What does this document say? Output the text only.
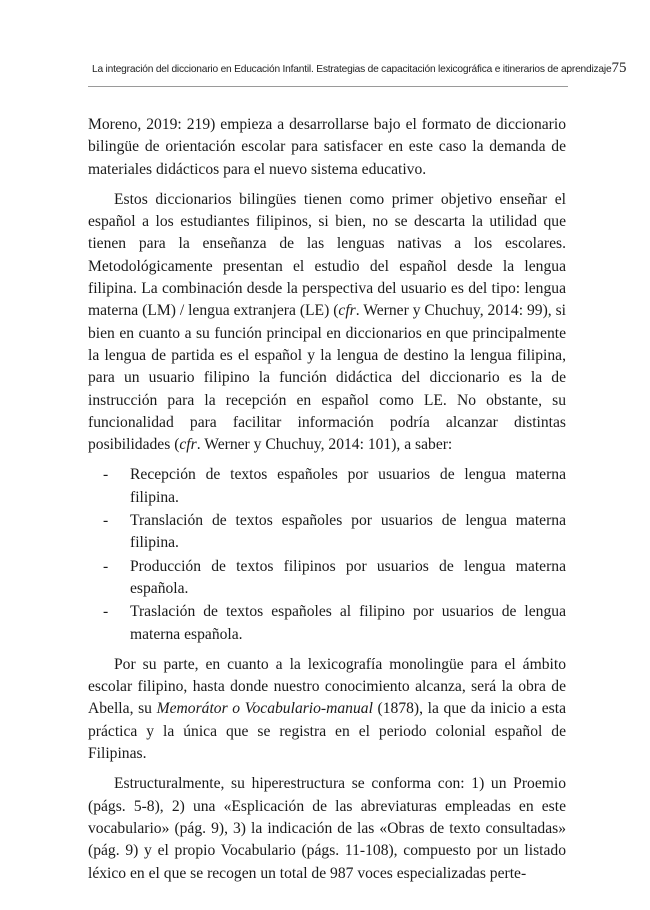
La integración del diccionario en Educación Infantil. Estrategias de capacitación lexicográfica e itinerarios de aprendizaje 75

Moreno, 2019: 219) empieza a desarrollarse bajo el formato de diccionario bilingüe de orientación escolar para satisfacer en este caso la demanda de materiales didácticos para el nuevo sistema educativo.

Estos diccionarios bilingües tienen como primer objetivo enseñar el español a los estudiantes filipinos, si bien, no se descarta la utilidad que tienen para la enseñanza de las lenguas nativas a los escolares. Metodológicamente presentan el estudio del español desde la lengua filipina. La combinación desde la perspectiva del usuario es del tipo: lengua materna (LM) / lengua extranjera (LE) (cfr. Werner y Chuchuy, 2014: 99), si bien en cuanto a su función principal en diccionarios en que principalmente la lengua de partida es el español y la lengua de destino la lengua filipina, para un usuario filipino la función didáctica del diccionario es la de instrucción para la recepción en español como LE. No obstante, su funcionalidad para facilitar información podría alcanzar distintas posibilidades (cfr. Werner y Chuchuy, 2014: 101), a saber:

- Recepción de textos españoles por usuarios de lengua materna filipina.
- Translación de textos españoles por usuarios de lengua materna filipina.
- Producción de textos filipinos por usuarios de lengua materna española.
- Traslación de textos españoles al filipino por usuarios de lengua materna española.

Por su parte, en cuanto a la lexicografía monolingüe para el ámbito escolar filipino, hasta donde nuestro conocimiento alcanza, será la obra de Abella, su Memorátor o Vocabulario-manual (1878), la que da inicio a esta práctica y la única que se registra en el periodo colonial español de Filipinas.

Estructuralmente, su hiperestructura se conforma con: 1) un Proemio (págs. 5-8), 2) una «Esplicación de las abreviaturas empleadas en este vocabulario» (pág. 9), 3) la indicación de las «Obras de texto consultadas» (pág. 9) y el propio Vocabulario (págs. 11-108), compuesto por un listado léxico en el que se recogen un total de 987 voces especializadas perte-
